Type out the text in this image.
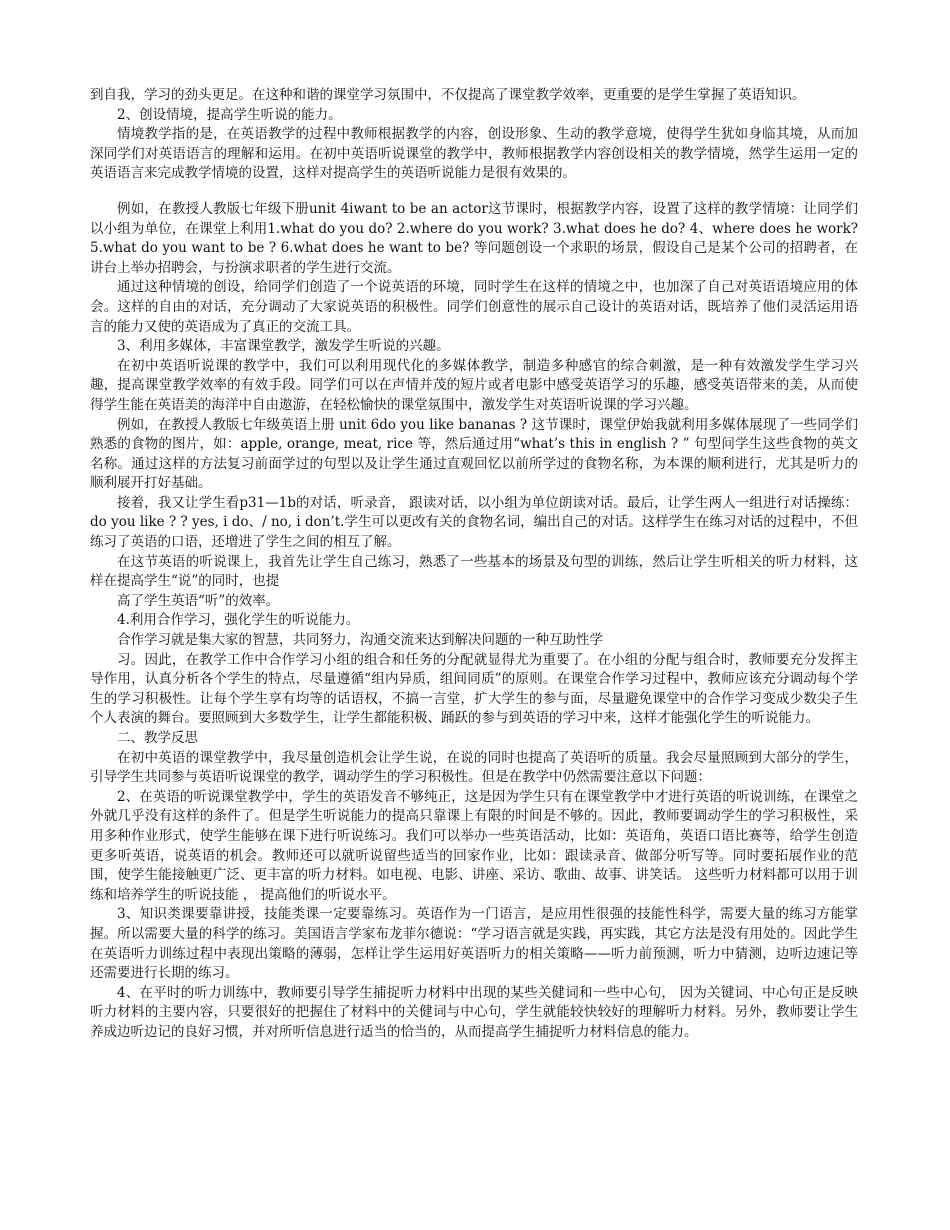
到自我，学习的劲头更足。在这种和谐的课堂学习氛围中，不仅提高了课堂教学效率，更重要的是学生掌握了英语知识。

2、创设情境，提高学生听说的能力。

情境教学指的是，在英语教学的过程中教师根据教学的内容，创设形象、生动的教学意境，使得学生犹如身临其境，从而加深同学们对英语语言的理解和运用。在初中英语听说课堂的教学中，教师根据教学内容创设相关的教学情境，然学生运用一定的英语语言来完成教学情境的设置，这样对提高学生的英语听说能力是很有效果的。

例如，在教授人教版七年级下册unit 4iwant to be an actor这节课时，根据教学内容，设置了这样的教学情境：让同学们以小组为单位，在课堂上利用1.what do you do? 2.where do you work? 3.what does he do? 4、where does he work? 5.what do you want to be ? 6.what does he want to be? 等问题创设一个求职的场景，假设自己是某个公司的招聘者，在讲台上举办招聘会，与扮演求职者的学生进行交流。

通过这种情境的创设，给同学们创造了一个说英语的环境，同时学生在这样的情境之中，也加深了自己对英语语境应用的体会。这样的自由的对话，充分调动了大家说英语的积极性。同学们创意性的展示自己设计的英语对话，既培养了他们灵活运用语言的能力又使的英语成为了真正的交流工具。

3、利用多媒体，丰富课堂教学，激发学生听说的兴趣。

在初中英语听说课的教学中，我们可以利用现代化的多媒体教学，制造多种感官的综合刺激，是一种有效激发学生学习兴趣，提高课堂教学效率的有效手段。同学们可以在声情并茂的短片或者电影中感受英语学习的乐趣，感受英语带来的美，从而使得学生能在英语美的海洋中自由遨游，在轻松愉快的课堂氛围中，激发学生对英语听说课的学习兴趣。

例如，在教授人教版七年级英语上册 unit 6do you like bananas ? 这节课时，课堂伊始我就利用多媒体展现了一些同学们熟悉的食物的图片，如：apple, orange, meat, rice 等，然后通过用“what’s this in english ? ” 句型问学生这些食物的英文名称。通过这样的方法复习前面学过的句型以及让学生通过直观回忆以前所学过的食物名称，为本课的顺利进行，尤其是听力的顺利展开打好基础。

接着，我又让学生看p31—1b的对话，听录音， 跟读对话，以小组为单位朗读对话。最后，让学生两人一组进行对话操练：do you like ? ? yes, i do、/ no, i don’t.学生可以更改有关的食物名词，编出自己的对话。这样学生在练习对话的过程中，不但练习了英语的口语，还增进了学生之间的相互了解。

在这节英语的听说课上，我首先让学生自己练习，熟悉了一些基本的场景及句型的训练，然后让学生听相关的听力材料，这样在提高学生“说”的同时，也提

高了学生英语“听”的效率。

4.利用合作学习，强化学生的听说能力。

合作学习就是集大家的智慧，共同努力，沟通交流来达到解决问题的一种互助性学

习。因此，在教学工作中合作学习小组的组合和任务的分配就显得尤为重要了。在小组的分配与组合时，教师要充分发挥主导作用，认真分析各个学生的特点，尽量遵循“组内异质，组间同质”的原则。在课堂合作学习过程中，教师应该充分调动每个学生的学习积极性。让每个学生享有均等的话语权，不搞一言堂，扩大学生的参与面，尽量避免课堂中的合作学习变成少数尖子生个人表演的舞台。要照顾到大多数学生，让学生都能积极、踊跃的参与到英语的学习中来，这样才能强化学生的听说能力。

二、教学反思

在初中英语的课堂教学中，我尽量创造机会让学生说，在说的同时也提高了英语听的质量。我会尽量照顾到大部分的学生，引导学生共同参与英语听说课堂的教学，调动学生的学习积极性。但是在教学中仍然需要注意以下问题：

2、在英语的听说课堂教学中，学生的英语发音不够纯正，这是因为学生只有在课堂教学中才进行英语的听说训练，在课堂之外就几乎没有这样的条件了。但是学生听说能力的提高只靠课上有限的时间是不够的。因此，教师要调动学生的学习积极性，采用多种作业形式，使学生能够在课下进行听说练习。我们可以举办一些英语活动，比如：英语角，英语口语比赛等，给学生创造更多听英语，说英语的机会。教师还可以就听说留些适当的回家作业，比如：跟读录音、做部分听写等。同时要拓展作业的范围，使学生能接触更广泛、更丰富的听力材料。如电视、电影、讲座、采访、歌曲、故事、讲笑话。 这些听力材料都可以用于训练和培养学生的听说技能 ， 提高他们的听说水平。

3、知识类课要靠讲授，技能类课一定要靠练习。英语作为一门语言，是应用性很强的技能性科学，需要大量的练习方能掌握。所以需要大量的科学的练习。美国语言学家布龙菲尔德说：“学习语言就是实践，再实践，其它方法是没有用处的。因此学生在英语听力训练过程中表现出策略的薄弱，怎样让学生运用好英语听力的相关策略——听力前预测，听力中猜测，边听边速记等还需要进行长期的练习。

4、在平时的听力训练中，教师要引导学生捕捉听力材料中出现的某些关健词和一些中心句， 因为关键词、中心句正是反映听力材料的主要内容，只要很好的把握住了材料中的关健词与中心句，学生就能较快较好的理解听力材料。另外，教师要让学生养成边听边记的良好习惯，并对所听信息进行适当的恰当的，从而提高学生捕捉听力材料信息的能力。
